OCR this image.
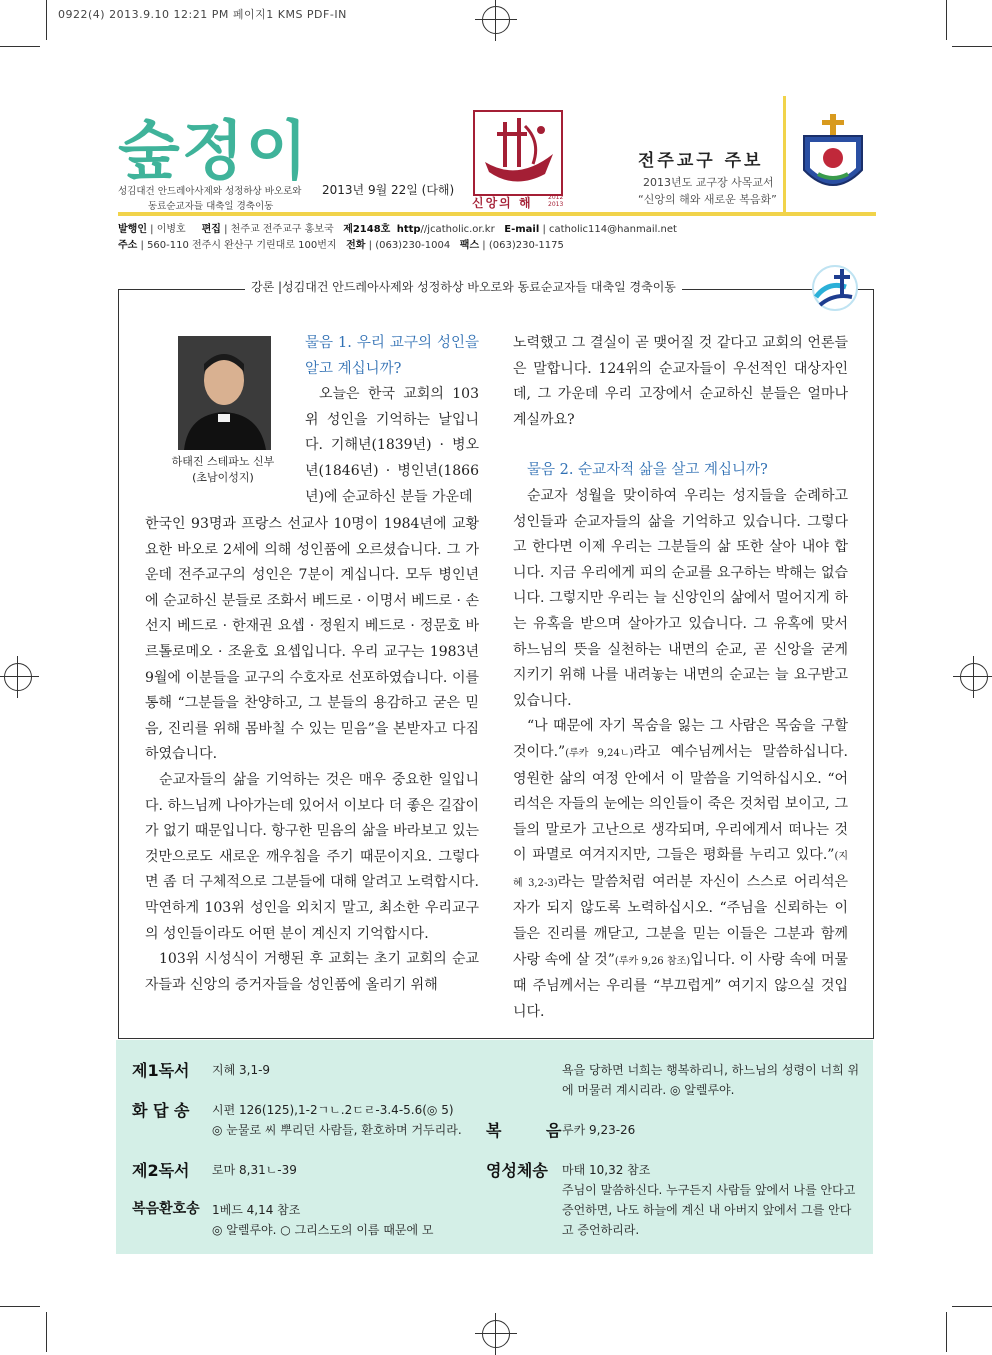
0922(4) 2013.9.10 12:21 PM 페이지1 KMS PDF-IN
숲정이
성김대건 안드레아사제와 성정하상 바오로와
동료순교자들 대축일 경축이동
2013년 9월 22일 (다해)
신앙의 해	2012
2013
전주교구 주보
2013년도 교구장 사목교서
“신앙의 해와 새로운 복음화”
발행인 | 이병호 편집 | 천주교 전주교구 홍보국 제2148호 http//jcatholic.or.kr E-mail | catholic114@hanmail.net
주소 | 560-110 전주시 완산구 기린대로 100번지 전화 | (063)230-1004 팩스 | (063)230-1175
강론 |성김대건 안드레아사제와 성정하상 바오로와 동료순교자들 대축일 경축이동
하태진 스테파노 신부
(초남이성지)

물음 1. 우리 교구의 성인을 알고 계십니까?

오늘은 한국 교회의 103위 성인을 기억하는 날입니다. 기해년(1839년) · 병오년(1846년) · 병인년(1866년)에 순교하신 분들 가운데

한국인 93명과 프랑스 선교사 10명이 1984년에 교황 요한 바오로 2세에 의해 성인품에 오르셨습니다. 그 가운데 전주교구의 성인은 7분이 계십니다. 모두 병인년에 순교하신 분들로 조화서 베드로 · 이명서 베드로 · 손선지 베드로 · 한재권 요셉 · 정원지 베드로 · 정문호 바르톨로메오 · 조윤호 요셉입니다. 우리 교구는 1983년 9월에 이분들을 교구의 수호자로 선포하였습니다. 이를 통해 “그분들을 찬양하고, 그 분들의 용감하고 굳은 믿음, 진리를 위해 몸바칠 수 있는 믿음”을 본받자고 다짐하였습니다.

순교자들의 삶을 기억하는 것은 매우 중요한 일입니다. 하느님께 나아가는데 있어서 이보다 더 좋은 길잡이가 없기 때문입니다. 항구한 믿음의 삶을 바라보고 있는 것만으로도 새로운 깨우침을 주기 때문이지요. 그렇다면 좀 더 구체적으로 그분들에 대해 알려고 노력합시다. 막연하게 103위 성인을 외치지 말고, 최소한 우리교구의 성인들이라도 어떤 분이 계신지 기억합시다.

103위 시성식이 거행된 후 교회는 초기 교회의 순교자들과 신앙의 증거자들을 성인품에 올리기 위해

노력했고 그 결실이 곧 맺어질 것 같다고 교회의 언론들은 말합니다. 124위의 순교자들이 우선적인 대상자인데, 그 가운데 우리 고장에서 순교하신 분들은 얼마나 계실까요?

물음 2. 순교자적 삶을 살고 계십니까?

순교자 성월을 맞이하여 우리는 성지들을 순례하고 성인들과 순교자들의 삶을 기억하고 있습니다. 그렇다고 한다면 이제 우리는 그분들의 삶 또한 살아 내야 합니다. 지금 우리에게 피의 순교를 요구하는 박해는 없습니다. 그렇지만 우리는 늘 신앙인의 삶에서 멀어지게 하는 유혹을 받으며 살아가고 있습니다. 그 유혹에 맞서 하느님의 뜻을 실천하는 내면의 순교, 곧 신앙을 굳게 지키기 위해 나를 내려놓는 내면의 순교는 늘 요구받고 있습니다.

“나 때문에 자기 목숨을 잃는 그 사람은 목숨을 구할 것이다.”(루카 9,24ㄴ)라고 예수님께서는 말씀하십니다. 영원한 삶의 여정 안에서 이 말씀을 기억하십시오. “어리석은 자들의 눈에는 의인들이 죽은 것처럼 보이고, 그들의 말로가 고난으로 생각되며, 우리에게서 떠나는 것이 파멸로 여겨지지만, 그들은 평화를 누리고 있다.”(지혜 3,2-3)라는 말씀처럼 여러분 자신이 스스로 어리석은 자가 되지 않도록 노력하십시오. “주님을 신뢰하는 이들은 진리를 깨닫고, 그분을 믿는 이들은 그분과 함께 사랑 속에 살 것”(루카 9,26 참조)입니다. 이 사랑 속에 머물 때 주님께서는 우리를 “부끄럽게” 여기지 않으실 것입니다.

제1독서 지혜 3,1-9
화 답 송 시편 126(125),1-2ㄱㄴ.2ㄷㄹ-3.4-5.6(◎ 5)
◎ 눈물로 씨 뿌리던 사람들, 환호하며 거두리라.
제2독서 로마 8,31ㄴ-39
복음환호송 1베드 4,14 참조
◎ 알렐루야. ○ 그리스도의 이름 때문에 모
욕을 당하면 너희는 행복하리니, 하느님의 성령이 너희 위에 머물러 계시리라. ◎ 알렐루야.
복        음 루카 9,23-26
영성체송 마태 10,32 참조
주님이 말씀하신다. 누구든지 사람들 앞에서 나를 안다고 증언하면, 나도 하늘에 계신 내 아버지 앞에서 그를 안다고 증언하리라.
